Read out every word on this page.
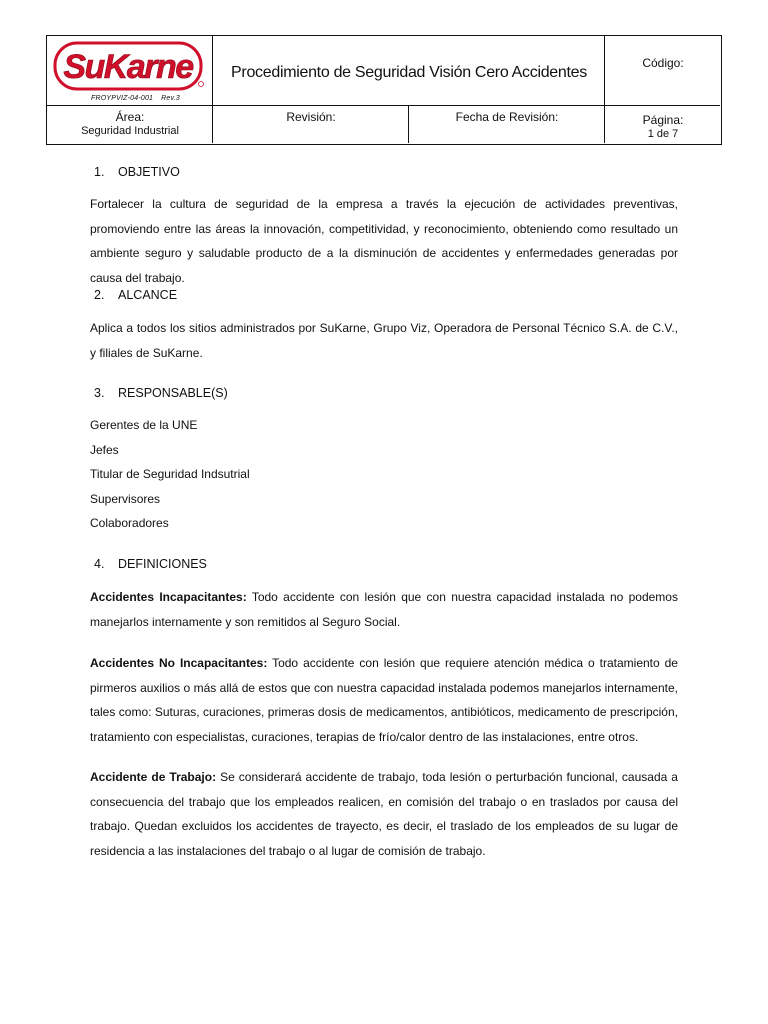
SuKarne
FROYPVIZ-04-001 Rev.3
Procedimiento de Seguridad Visión Cero Accidentes
Código:
Área:
Seguridad Industrial
Revisión:	Fecha de Revisión:	Página:
1 de 7
1. OBJETIVO
Fortalecer la cultura de seguridad de la empresa a través la ejecución de actividades preventivas, promoviendo entre las áreas la innovación, competitividad, y reconocimiento, obteniendo como resultado un ambiente seguro y saludable producto de a la disminución de accidentes y enfermedades generadas por causa del trabajo.
2. ALCANCE
Aplica a todos los sitios administrados por SuKarne, Grupo Viz, Operadora de Personal Técnico S.A. de C.V., y filiales de SuKarne.
3. RESPONSABLE(S)
Gerentes de la UNE
Jefes
Titular de Seguridad Indsutrial
Supervisores
Colaboradores
4. DEFINICIONES
Accidentes Incapacitantes: Todo accidente con lesión que con nuestra capacidad instalada no podemos manejarlos internamente y son remitidos al Seguro Social.
Accidentes No Incapacitantes: Todo accidente con lesión que requiere atención médica o tratamiento de pirmeros auxilios o más allá de estos que con nuestra capacidad instalada podemos manejarlos internamente, tales como: Suturas, curaciones, primeras dosis de medicamentos, antibióticos, medicamento de prescripción, tratamiento con especialistas, curaciones, terapias de frío/calor dentro de las instalaciones, entre otros.
Accidente de Trabajo: Se considerará accidente de trabajo, toda lesión o perturbación funcional, causada a consecuencia del trabajo que los empleados realicen, en comisión del trabajo o en traslados por causa del trabajo. Quedan excluidos los accidentes de trayecto, es decir, el traslado de los empleados de su lugar de residencia a las instalaciones del trabajo o al lugar de comisión de trabajo.
